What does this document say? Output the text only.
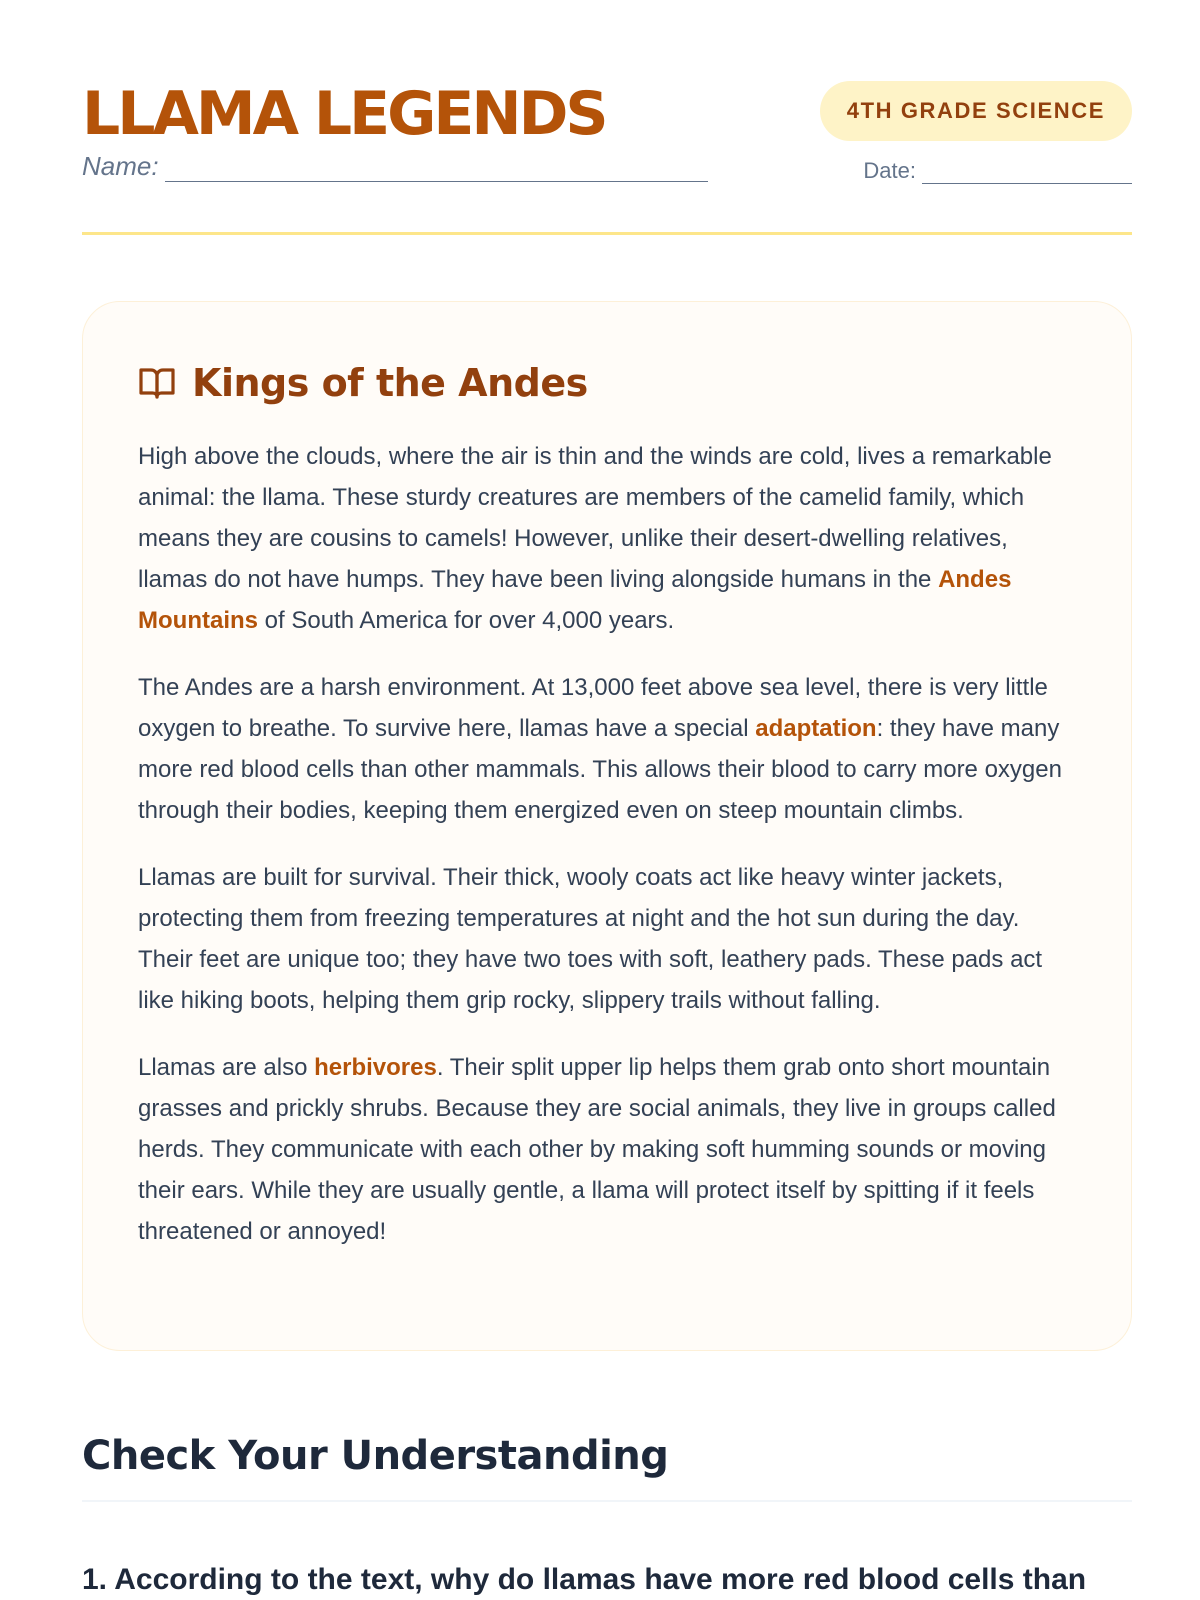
LLAMA LEGENDS	4TH GRADE SCIENCE
Name:	Date:
Kings of the Andes

High above the clouds, where the air is thin and the winds are cold, lives a remarkable animal: the llama. These sturdy creatures are members of the camelid family, which means they are cousins to camels! However, unlike their desert-dwelling relatives, llamas do not have humps. They have been living alongside humans in the Andes Mountains of South America for over 4,000 years.

The Andes are a harsh environment. At 13,000 feet above sea level, there is very little oxygen to breathe. To survive here, llamas have a special adaptation: they have many more red blood cells than other mammals. This allows their blood to carry more oxygen through their bodies, keeping them energized even on steep mountain climbs.

Llamas are built for survival. Their thick, wooly coats act like heavy winter jackets, protecting them from freezing temperatures at night and the hot sun during the day. Their feet are unique too; they have two toes with soft, leathery pads. These pads act like hiking boots, helping them grip rocky, slippery trails without falling.

Llamas are also herbivores. Their split upper lip helps them grab onto short mountain grasses and prickly shrubs. Because they are social animals, they live in groups called herds. They communicate with each other by making soft humming sounds or moving their ears. While they are usually gentle, a llama will protect itself by spitting if it feels threatened or annoyed!

Check Your Understanding
1. According to the text, why do llamas have more red blood cells than
